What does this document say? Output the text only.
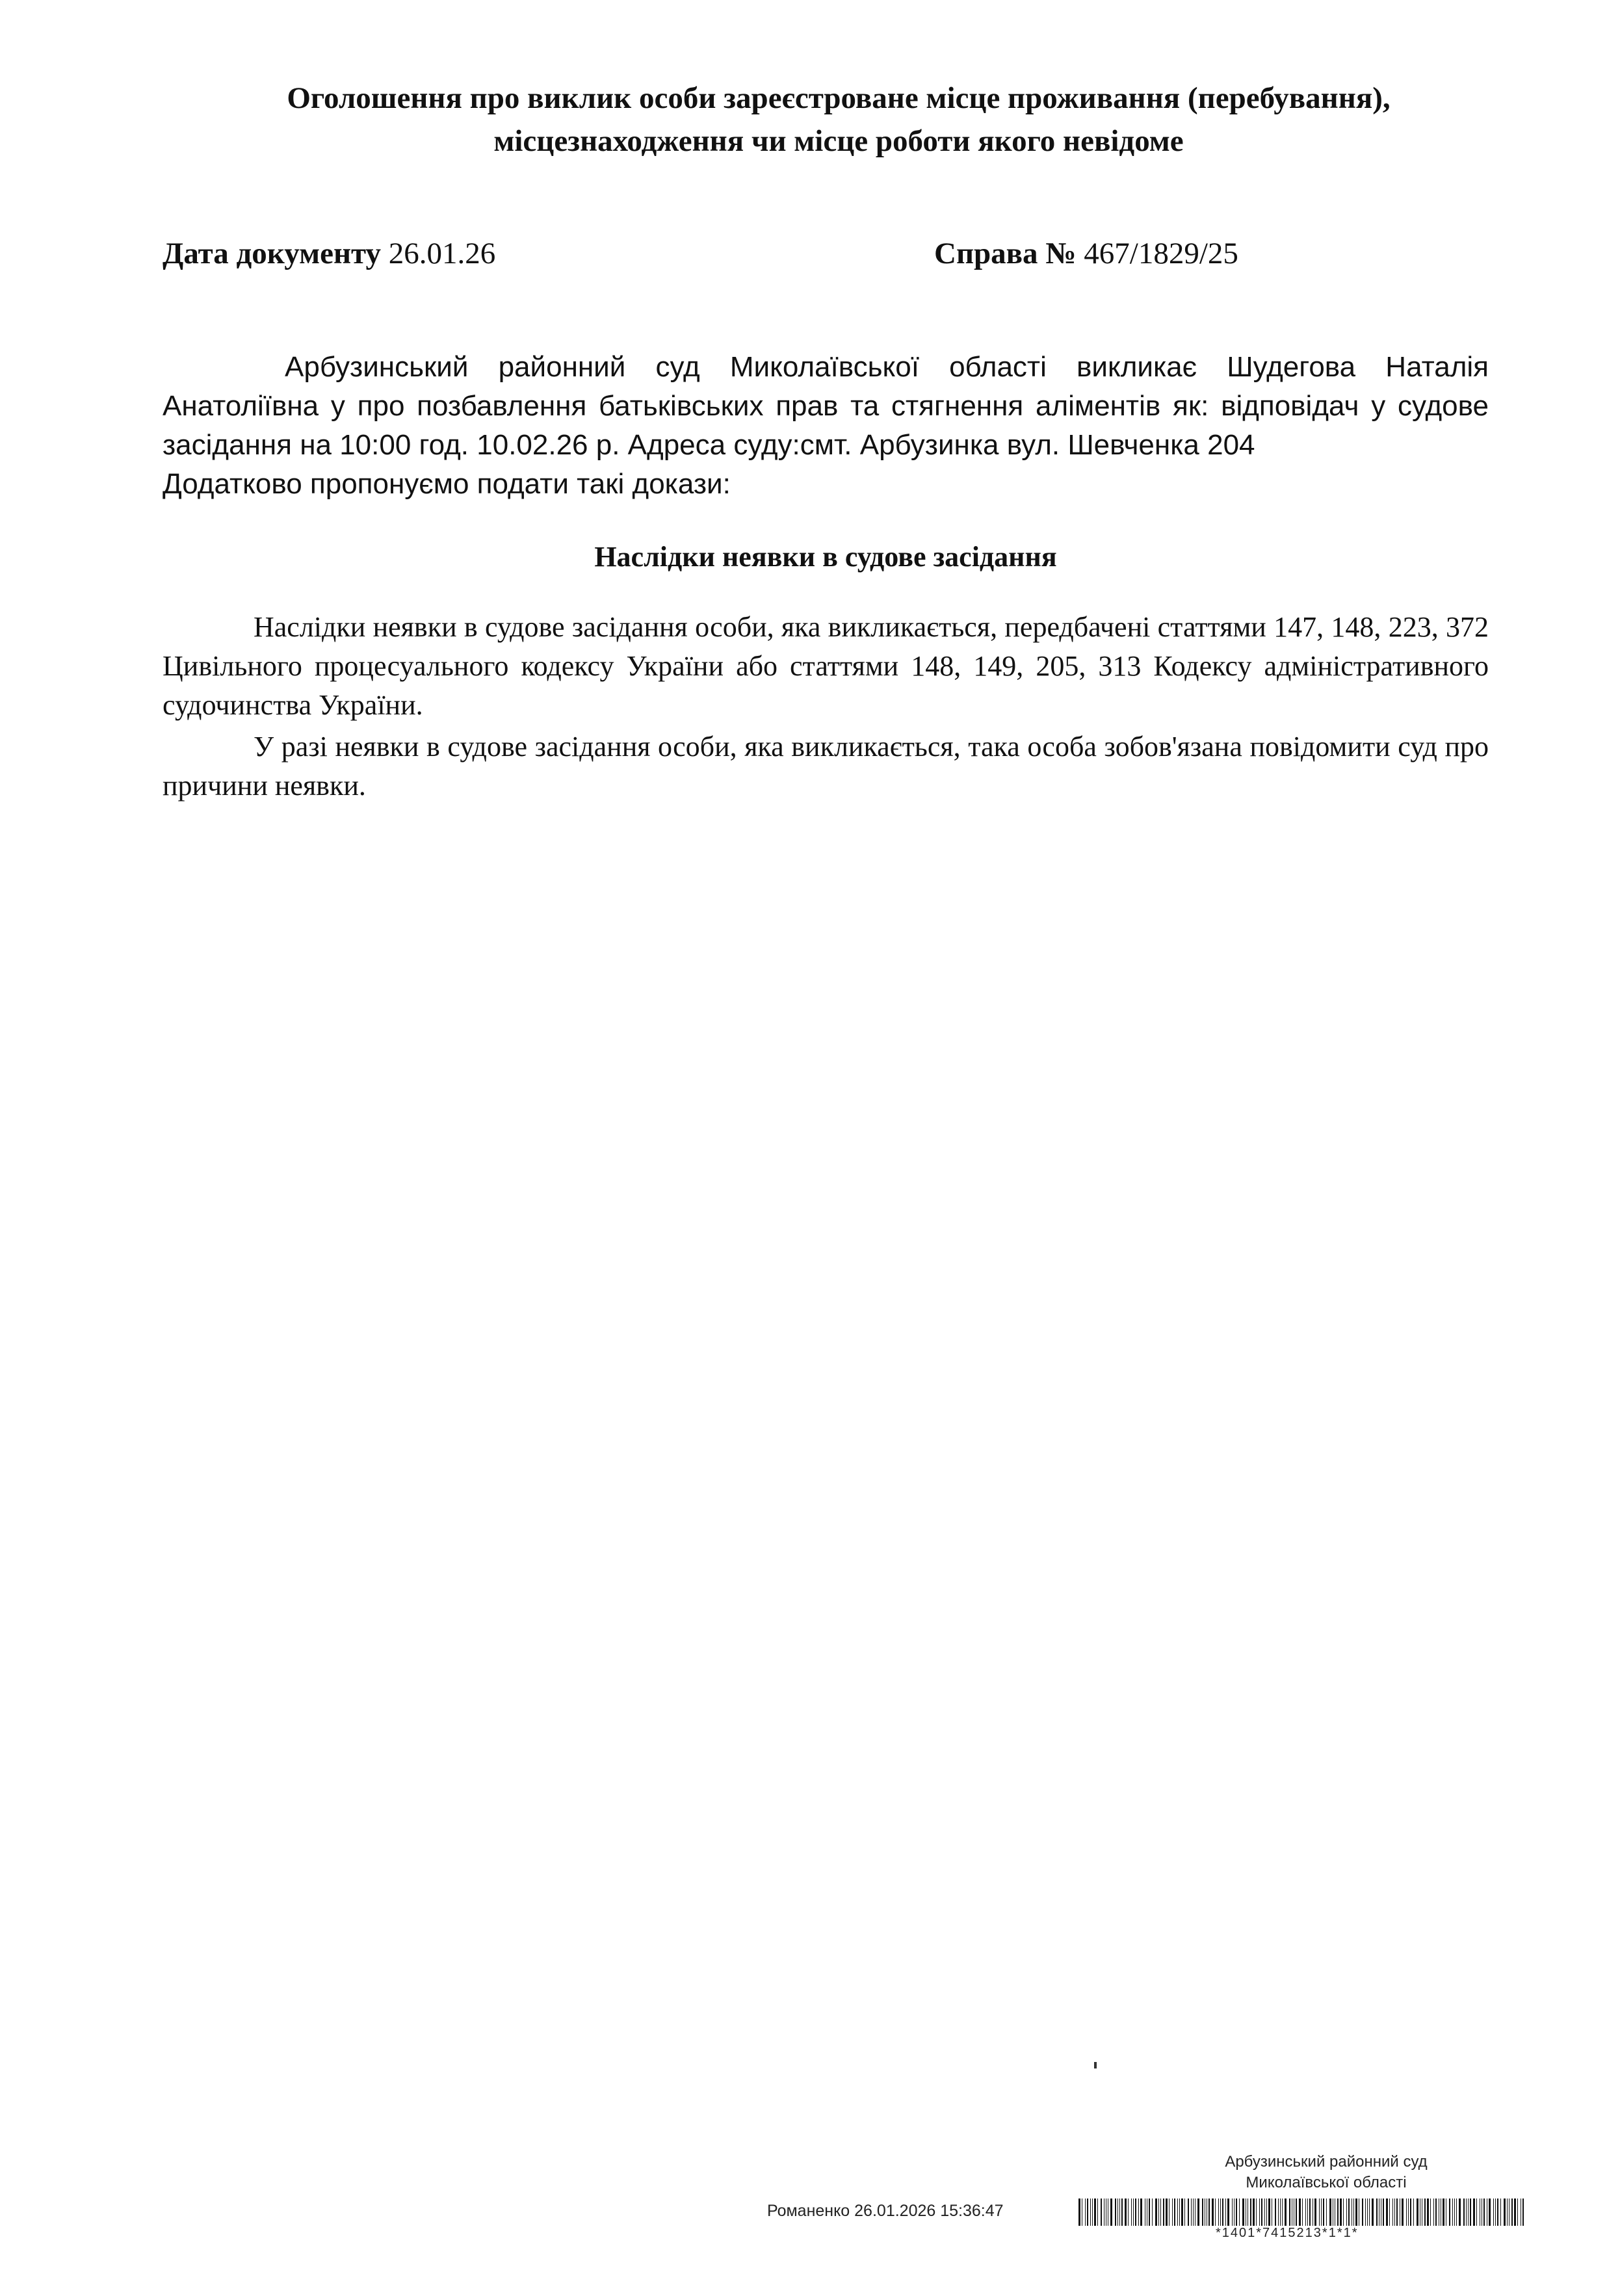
Оголошення про виклик особи зареєстроване місце проживання (перебування),
місцезнаходження чи місце роботи якого невідоме
Дата документу 26.01.26	Справа № 467/1829/25

Арбузинський районний суд Миколаївської області викликає Шудегова Наталія Анатоліївна у про позбавлення батьківських прав та стягнення аліментів як: відповідач у судове засідання на 10:00 год. 10.02.26 р. Адреса суду:смт. Арбузинка вул. Шевченка 204

Додатково пропонуємо подати такі докази:

Наслідки неявки в судове засідання

Наслідки неявки в судове засідання особи, яка викликається, передбачені статтями 147, 148, 223, 372 Цивільного процесуального кодексу України або статтями 148, 149, 205, 313 Кодексу адміністративного судочинства України.

У разі неявки в судове засідання особи, яка викликається, така особа зобов'язана повідомити суд про причини неявки.

Арбузинський районний суд
Миколаївської області
Романенко 26.01.2026 15:36:47
*1401*7415213*1*1*
